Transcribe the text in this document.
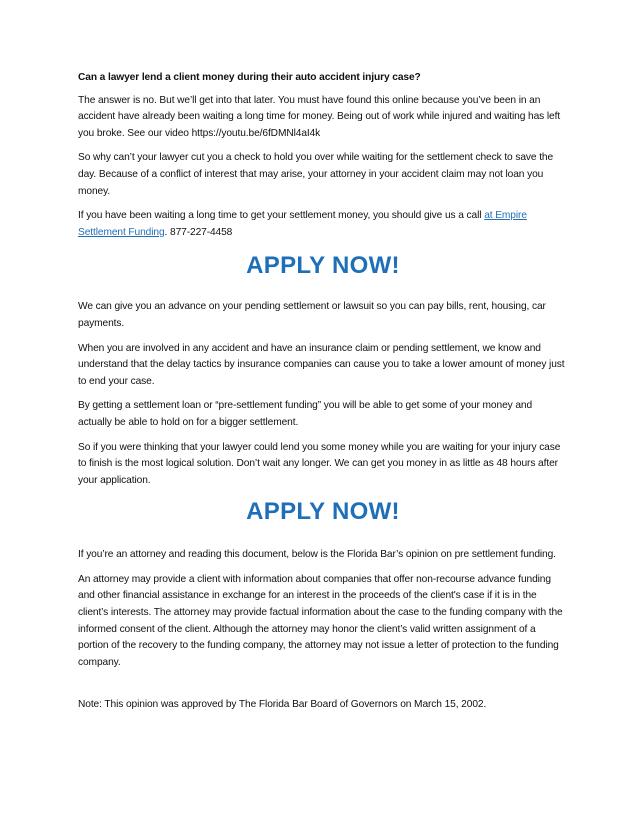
Can a lawyer lend a client money during their auto accident injury case?

The answer is no. But we’ll get into that later. You must have found this online because you’ve been in an accident have already been waiting a long time for money. Being out of work while injured and waiting has left you broke. See our video https://youtu.be/6fDMNl4aI4k

So why can’t your lawyer cut you a check to hold you over while waiting for the settlement check to save the day. Because of a conflict of interest that may arise, your attorney in your accident claim may not loan you money.

If you have been waiting a long time to get your settlement money, you should give us a call at Empire Settlement Funding. 877-227-4458

APPLY NOW!

We can give you an advance on your pending settlement or lawsuit so you can pay bills, rent, housing, car payments.

When you are involved in any accident and have an insurance claim or pending settlement, we know and understand that the delay tactics by insurance companies can cause you to take a lower amount of money just to end your case.

By getting a settlement loan or “pre-settlement funding” you will be able to get some of your money and actually be able to hold on for a bigger settlement.

So if you were thinking that your lawyer could lend you some money while you are waiting for your injury case to finish is the most logical solution. Don’t wait any longer. We can get you money in as little as 48 hours after your application.

APPLY NOW!

If you’re an attorney and reading this document, below is the Florida Bar’s opinion on pre settlement funding.

An attorney may provide a client with information about companies that offer non-recourse advance funding and other financial assistance in exchange for an interest in the proceeds of the client's case if it is in the client’s interests. The attorney may provide factual information about the case to the funding company with the informed consent of the client. Although the attorney may honor the client’s valid written assignment of a portion of the recovery to the funding company, the attorney may not issue a letter of protection to the funding company.

Note: This opinion was approved by The Florida Bar Board of Governors on March 15, 2002.
